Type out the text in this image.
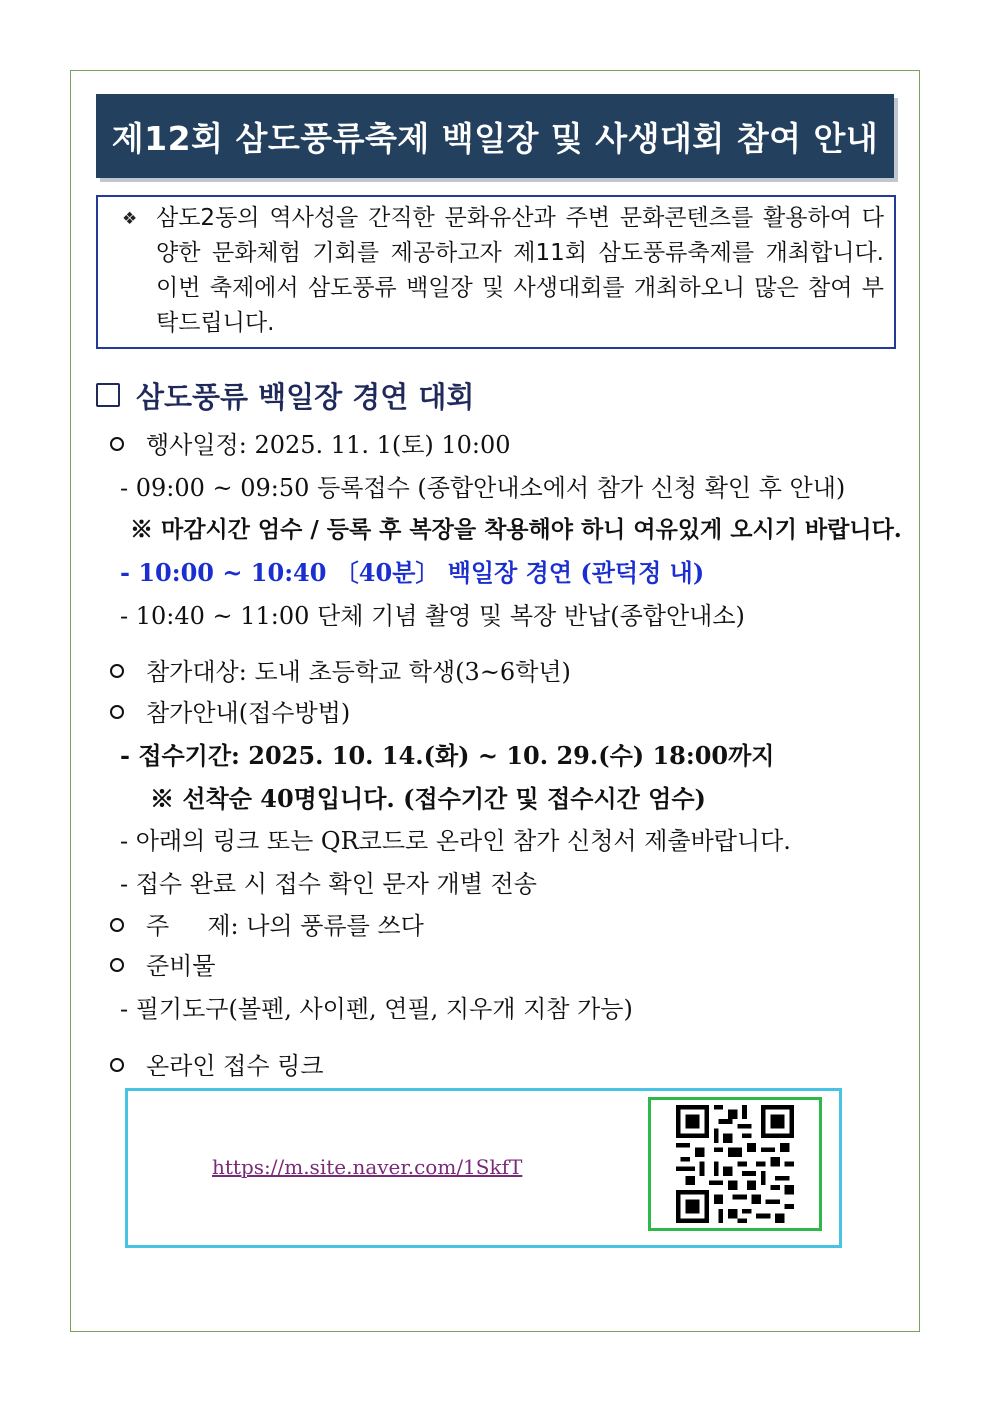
제12회 삼도풍류축제 백일장 및 사생대회 참여 안내
❖ 삼도2동의 역사성을 간직한 문화유산과 주변 문화콘텐츠를 활용하여 다양한 문화체험 기회를 제공하고자 제11회 삼도풍류축제를 개최합니다. 이번 축제에서 삼도풍류 백일장 및 사생대회를 개최하오니 많은 참여 부탁드립니다.
삼도풍류 백일장 경연 대회
행사일정: 2025. 11. 1(토) 10:00
- 09:00 ~ 09:50 등록접수 (종합안내소에서 참가 신청 확인 후 안내)
※ 마감시간 엄수 / 등록 후 복장을 착용해야 하니 여유있게 오시기 바랍니다.
- 10:00 ~ 10:40 〔40분〕 백일장 경연 (관덕정 내)
- 10:40 ~ 11:00 단체 기념 촬영 및 복장 반납(종합안내소)
참가대상: 도내 초등학교 학생(3~6학년)
참가안내(접수방법)
- 접수기간: 2025. 10. 14.(화) ~ 10. 29.(수) 18:00까지
※ 선착순 40명입니다. (접수기간 및 접수시간 엄수)
- 아래의 링크 또는 QR코드로 온라인 참가 신청서 제출바랍니다.
- 접수 완료 시 접수 확인 문자 개별 전송
주     제: 나의 풍류를 쓰다
준비물
- 필기도구(볼펜, 사이펜, 연필, 지우개 지참 가능)
온라인 접수 링크
https://m.site.naver.com/1SkfT
